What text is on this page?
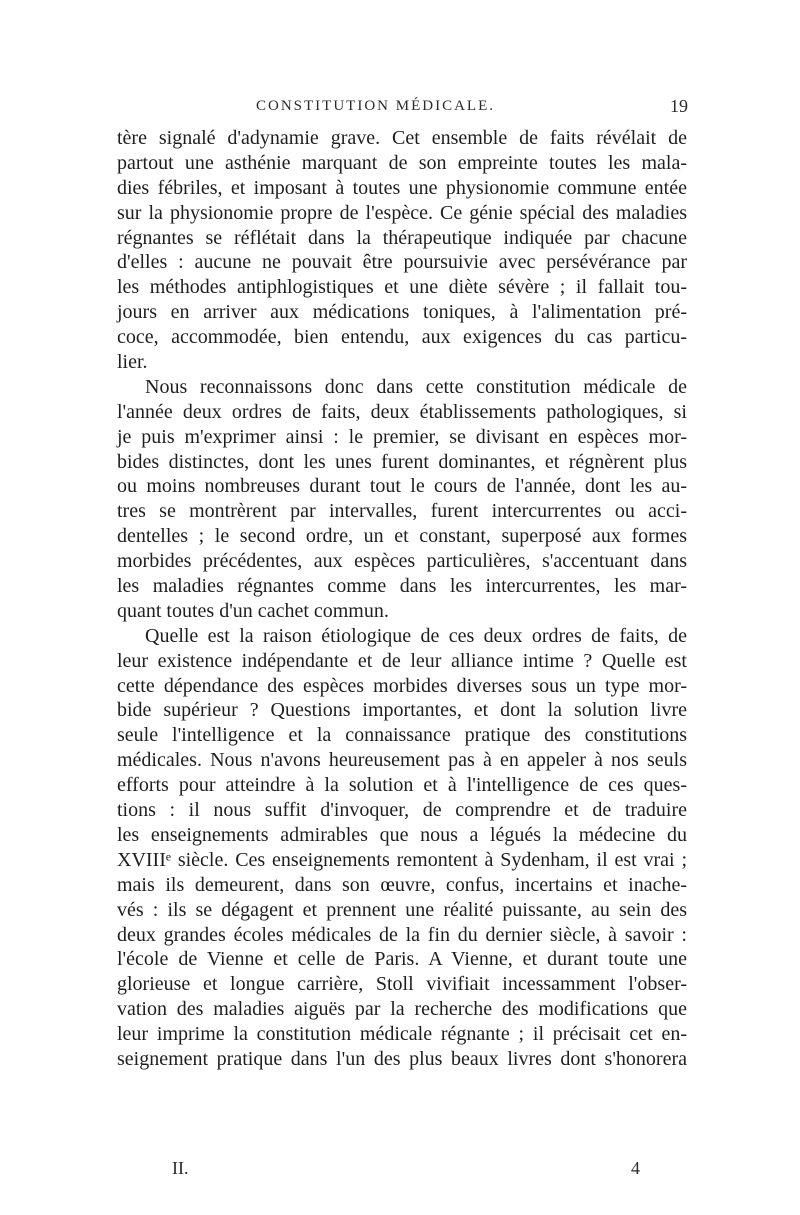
CONSTITUTION MÉDICALE.	19
tère signalé d'adynamie grave. Cet ensemble de faits révélait de
partout une asthénie marquant de son empreinte toutes les mala-
dies fébriles, et imposant à toutes une physionomie commune entée
sur la physionomie propre de l'espèce. Ce génie spécial des maladies
régnantes se réflétait dans la thérapeutique indiquée par chacune
d'elles : aucune ne pouvait être poursuivie avec persévérance par
les méthodes antiphlogistiques et une diète sévère ; il fallait tou-
jours en arriver aux médications toniques, à l'alimentation pré-
coce, accommodée, bien entendu, aux exigences du cas particu-
lier.
Nous reconnaissons donc dans cette constitution médicale de
l'année deux ordres de faits, deux établissements pathologiques, si
je puis m'exprimer ainsi : le premier, se divisant en espèces mor-
bides distinctes, dont les unes furent dominantes, et régnèrent plus
ou moins nombreuses durant tout le cours de l'année, dont les au-
tres se montrèrent par intervalles, furent intercurrentes ou acci-
dentelles ; le second ordre, un et constant, superposé aux formes
morbides précédentes, aux espèces particulières, s'accentuant dans
les maladies régnantes comme dans les intercurrentes, les mar-
quant toutes d'un cachet commun.
Quelle est la raison étiologique de ces deux ordres de faits, de
leur existence indépendante et de leur alliance intime ? Quelle est
cette dépendance des espèces morbides diverses sous un type mor-
bide supérieur ? Questions importantes, et dont la solution livre
seule l'intelligence et la connaissance pratique des constitutions
médicales. Nous n'avons heureusement pas à en appeler à nos seuls
efforts pour atteindre à la solution et à l'intelligence de ces ques-
tions : il nous suffit d'invoquer, de comprendre et de traduire
les enseignements admirables que nous a légués la médecine du
XVIIIᵉ siècle. Ces enseignements remontent à Sydenham, il est vrai ;
mais ils demeurent, dans son œuvre, confus, incertains et inache-
vés : ils se dégagent et prennent une réalité puissante, au sein des
deux grandes écoles médicales de la fin du dernier siècle, à savoir :
l'école de Vienne et celle de Paris. A Vienne, et durant toute une
glorieuse et longue carrière, Stoll vivifiait incessamment l'obser-
vation des maladies aiguës par la recherche des modifications que
leur imprime la constitution médicale régnante ; il précisait cet en-
seignement pratique dans l'un des plus beaux livres dont s'honorera
II.	4
